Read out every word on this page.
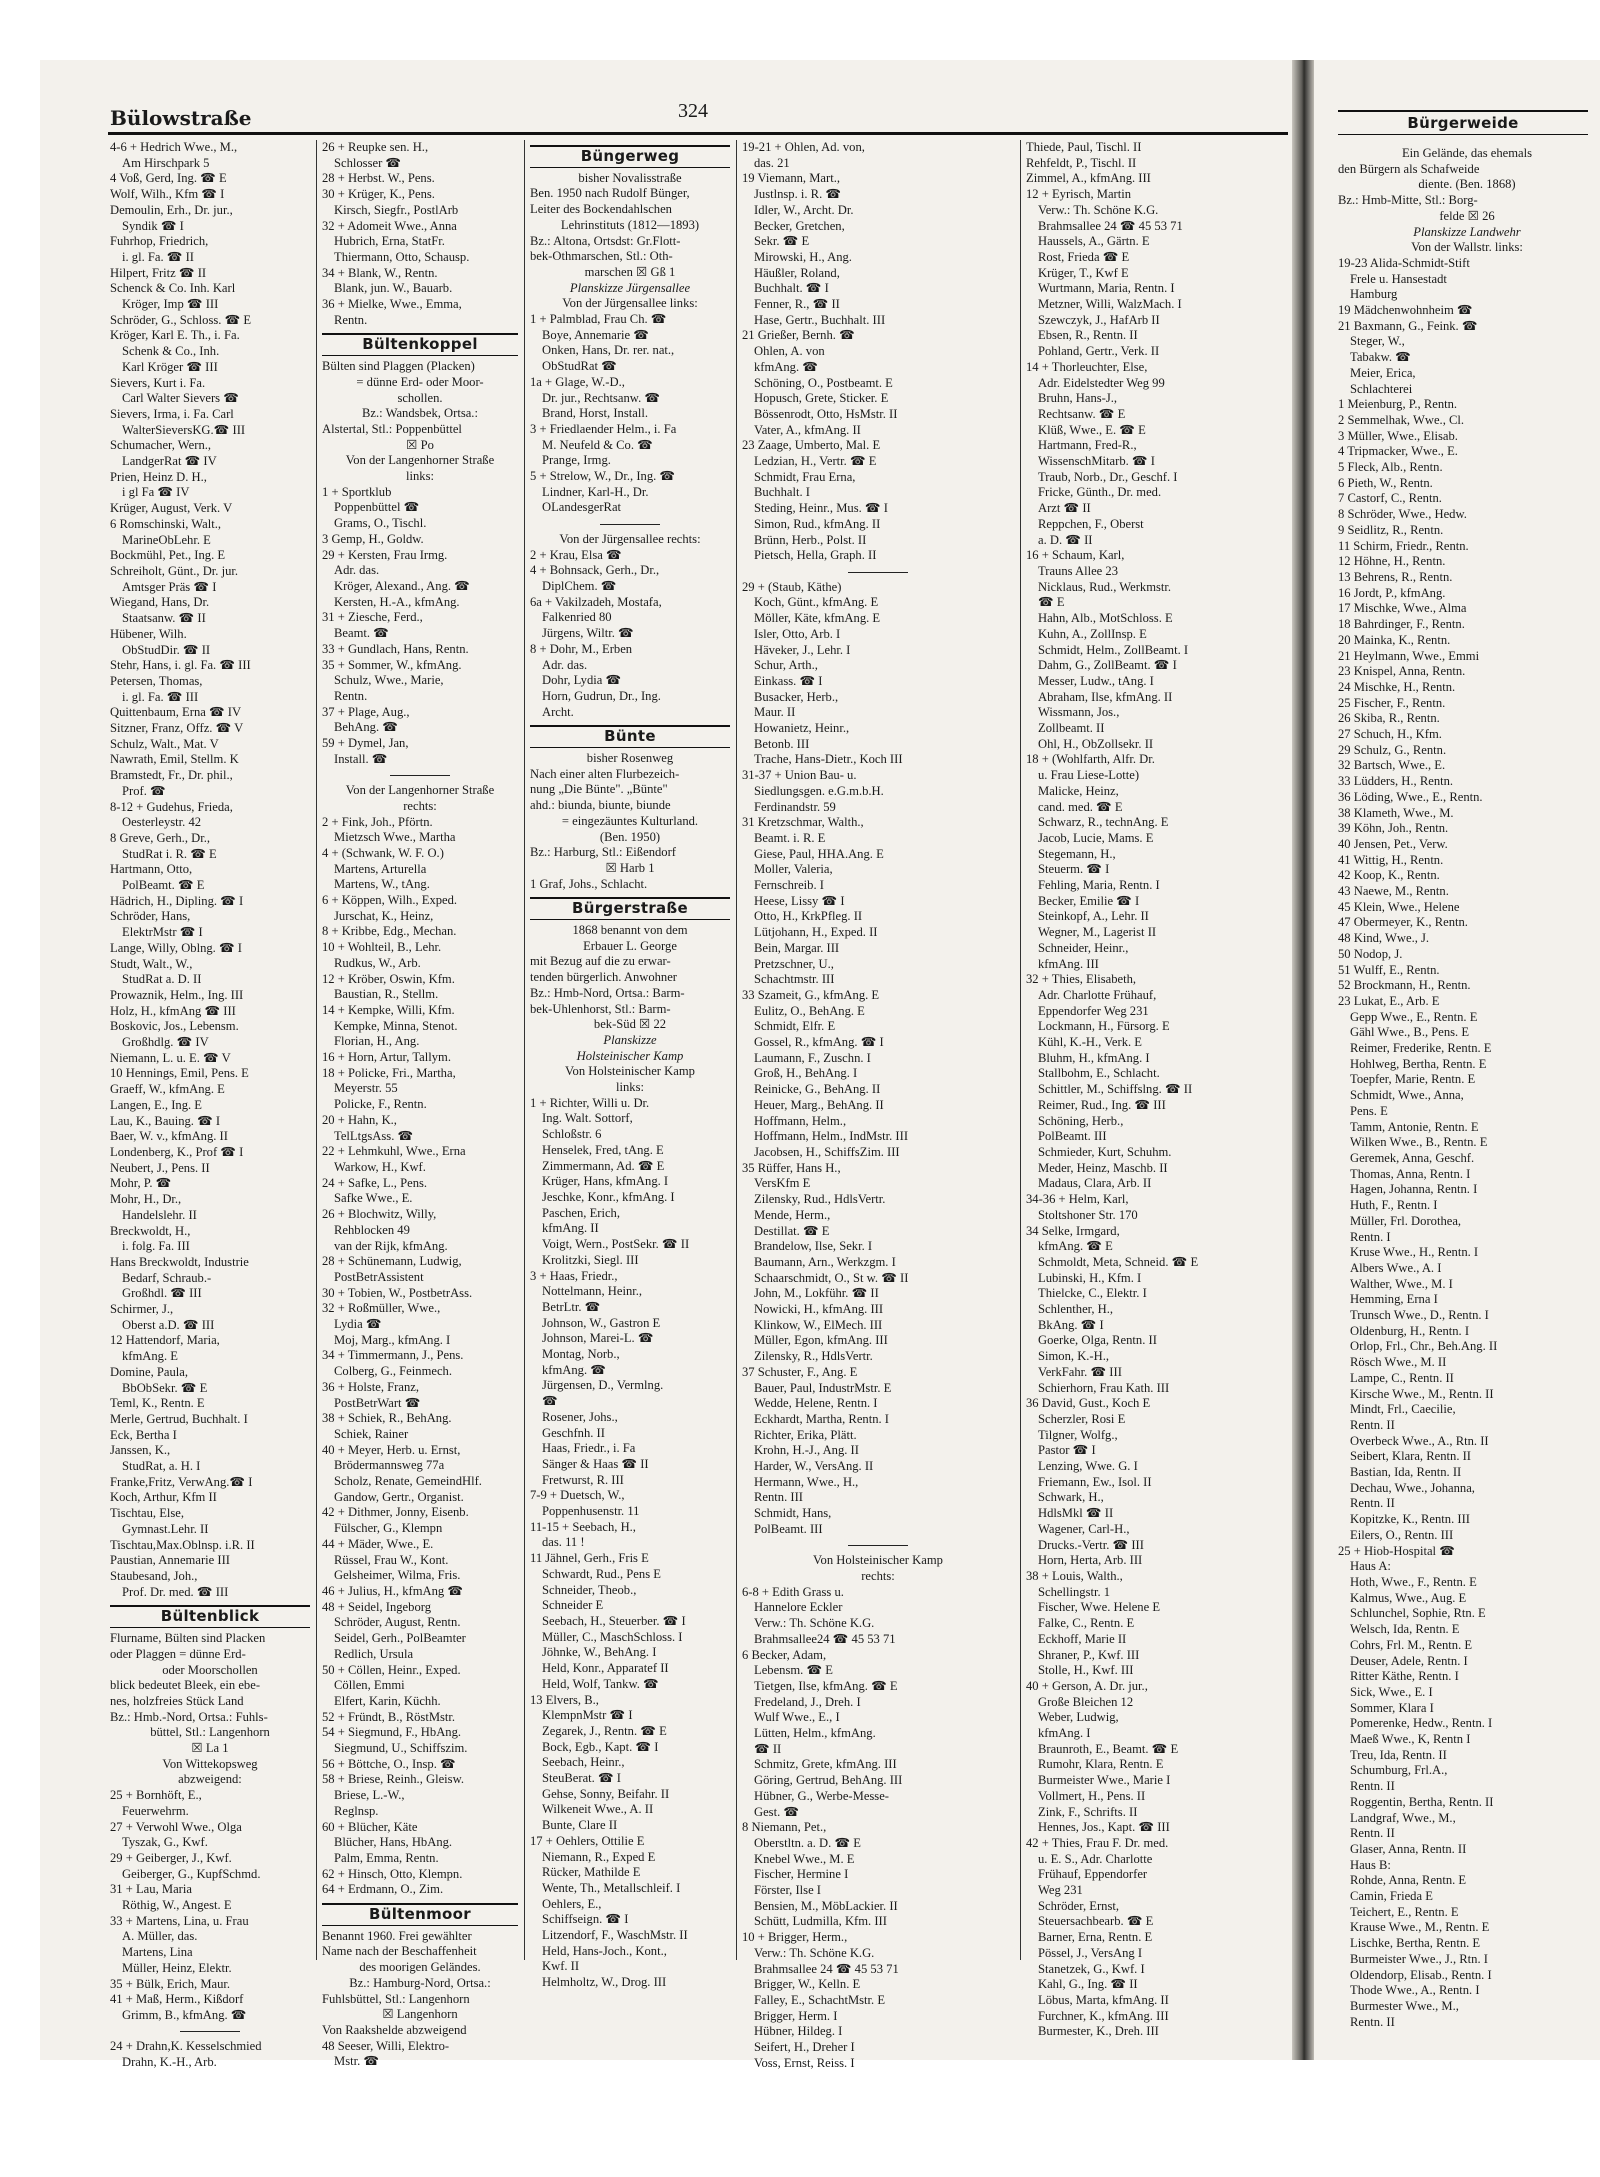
Bülowstraße	324
4-6 + Hedrich Wwe., M.,
Am Hirschpark 5
4 Voß, Gerd, Ing. ☎ E
Wolf, Wilh., Kfm ☎ I
Demoulin, Erh., Dr. jur.,
Syndik ☎ I
Fuhrhop, Friedrich,
i. gl. Fa. ☎ II
Hilpert, Fritz ☎ II
Schenck & Co. Inh. Karl
Kröger, Imp ☎ III
Schröder, G., Schloss. ☎ E
Kröger, Karl E. Th., i. Fa.
Schenk & Co., Inh.
Karl Kröger ☎ III
Sievers, Kurt i. Fa.
Carl Walter Sievers ☎
Sievers, Irma, i. Fa. Carl
WalterSieversKG.☎ III
Schumacher, Wern.,
LandgerRat ☎ IV
Prien, Heinz D. H.,
i gl Fa ☎ IV
Krüger, August, Verk. V
6 Romschinski, Walt.,
MarineObLehr. E
Bockmühl, Pet., Ing. E
Schreiholt, Günt., Dr. jur.
Amtsger Präs ☎ I
Wiegand, Hans, Dr.
Staatsanw. ☎ II
Hübener, Wilh.
ObStudDir. ☎ II
Stehr, Hans, i. gl. Fa. ☎ III
Petersen, Thomas,
i. gl. Fa. ☎ III
Quittenbaum, Erna ☎ IV
Sitzner, Franz, Offz. ☎ V
Schulz, Walt., Mat. V
Nawrath, Emil, Stellm. K
Bramstedt, Fr., Dr. phil.,
Prof. ☎
8-12 + Gudehus, Frieda,
Oesterleystr. 42
8 Greve, Gerh., Dr.,
StudRat i. R. ☎ E
Hartmann, Otto,
PolBeamt. ☎ E
Hädrich, H., Dipling. ☎ I
Schröder, Hans,
ElektrMstr ☎ I
Lange, Willy, Oblng. ☎ I
Studt, Walt., W.,
StudRat a. D. II
Prowaznik, Helm., Ing. III
Holz, H., kfmAng ☎ III
Boskovic, Jos., Lebensm.
Großhdlg. ☎ IV
Niemann, L. u. E. ☎ V
10 Hennings, Emil, Pens. E
Graeff, W., kfmAng. E
Langen, E., Ing. E
Lau, K., Bauing. ☎ I
Baer, W. v., kfmAng. II
Londenberg, K., Prof ☎ I
Neubert, J., Pens. II
Mohr, P. ☎
Mohr, H., Dr.,
Handelslehr. II
Breckwoldt, H.,
i. folg. Fa. III
Hans Breckwoldt, Industrie
Bedarf, Schraub.-
Großhdl. ☎ III
Schirmer, J.,
Oberst a.D. ☎ III
12 Hattendorf, Maria,
kfmAng. E
Domine, Paula,
BbObSekr. ☎ E
Teml, K., Rentn. E
Merle, Gertrud, Buchhalt. I
Eck, Bertha I
Janssen, K.,
StudRat, a. H. I
Franke,Fritz, VerwAng.☎ I
Koch, Arthur, Kfm II
Tischtau, Else,
Gymnast.Lehr. II
Tischtau,Max.Oblnsp. i.R. II
Paustian, Annemarie III
Staubesand, Joh.,
Prof. Dr. med. ☎ III
Bültenblick
Flurname, Bülten sind Placken
oder Plaggen = dünne Erd-
oder Moorschollen
blick bedeutet Bleek, ein ebe-
nes, holzfreies Stück Land
Bz.: Hmb.-Nord, Ortsa.: Fuhls-
büttel, Stl.: Langenhorn
☒ La 1
Von Wittekopsweg
abzweigend:
25 + Bornhöft, E.,
Feuerwehrm.
27 + Verwohl Wwe., Olga
Tyszak, G., Kwf.
29 + Geiberger, J., Kwf.
Geiberger, G., KupfSchmd.
31 + Lau, Maria
Röthig, W., Angest. E
33 + Martens, Lina, u. Frau
A. Müller, das.
Martens, Lina
Müller, Heinz, Elektr.
35 + Bülk, Erich, Maur.
41 + Maß, Herm., Kißdorf
Grimm, B., kfmAng. ☎
24 + Drahn,K. Kesselschmied
Drahn, K.-H., Arb.
26 + Reupke sen. H.,
Schlosser ☎
28 + Herbst. W., Pens.
30 + Krüger, K., Pens.
Kirsch, Siegfr., PostlArb
32 + Adomeit Wwe., Anna
Hubrich, Erna, StatFr.
Thiermann, Otto, Schausp.
34 + Blank, W., Rentn.
Blank, jun. W., Bauarb.
36 + Mielke, Wwe., Emma,
Rentn.
Bültenkoppel
Bülten sind Plaggen (Placken)
= dünne Erd- oder Moor-
schollen.
Bz.: Wandsbek, Ortsa.:
Alstertal, Stl.: Poppenbüttel
☒ Po
Von der Langenhorner Straße
links:
1 + Sportklub
Poppenbüttel ☎
Grams, O., Tischl.
3 Gemp, H., Goldw.
29 + Kersten, Frau Irmg.
Adr. das.
Kröger, Alexand., Ang. ☎
Kersten, H.-A., kfmAng.
31 + Ziesche, Ferd.,
Beamt. ☎
33 + Gundlach, Hans, Rentn.
35 + Sommer, W., kfmAng.
Schulz, Wwe., Marie,
Rentn.
37 + Plage, Aug.,
BehAng. ☎
59 + Dymel, Jan,
Install. ☎
Von der Langenhorner Straße
rechts:
2 + Fink, Joh., Pförtn.
Mietzsch Wwe., Martha
4 + (Schwank, W. F. O.)
Martens, Arturella
Martens, W., tAng.
6 + Köppen, Wilh., Exped.
Jurschat, K., Heinz,
8 + Kribbe, Edg., Mechan.
10 + Wohlteil, B., Lehr.
Rudkus, W., Arb.
12 + Kröber, Oswin, Kfm.
Baustian, R., Stellm.
14 + Kempke, Willi, Kfm.
Kempke, Minna, Stenot.
Florian, H., Ang.
16 + Horn, Artur, Tallym.
18 + Policke, Fri., Martha,
Meyerstr. 55
Policke, F., Rentn.
20 + Hahn, K.,
TelLtgsAss. ☎
22 + Lehmkuhl, Wwe., Erna
Warkow, H., Kwf.
24 + Safke, L., Pens.
Safke Wwe., E.
26 + Blochwitz, Willy,
Rehblocken 49
van der Rijk, kfmAng.
28 + Schünemann, Ludwig,
PostBetrAssistent
30 + Tobien, W., PostbetrAss.
32 + Roßmüller, Wwe.,
Lydia ☎
Moj, Marg., kfmAng. I
34 + Timmermann, J., Pens.
Colberg, G., Feinmech.
36 + Holste, Franz,
PostBetrWart ☎
38 + Schiek, R., BehAng.
Schiek, Rainer
40 + Meyer, Herb. u. Ernst,
Brödermannsweg 77a
Scholz, Renate, GemeindHlf.
Gandow, Gertr., Organist.
42 + Dithmer, Jonny, Eisenb.
Fülscher, G., Klempn
44 + Mäder, Wwe., E.
Rüssel, Frau W., Kont.
Gelsheimer, Wilma, Fris.
46 + Julius, H., kfmAng ☎
48 + Seidel, Ingeborg
Schröder, August, Rentn.
Seidel, Gerh., PolBeamter
Redlich, Ursula
50 + Cöllen, Heinr., Exped.
Cöllen, Emmi
Elfert, Karin, Küchh.
52 + Fründt, B., RöstMstr.
54 + Siegmund, F., HbAng.
Siegmund, U., Schiffszim.
56 + Böttche, O., Insp. ☎
58 + Briese, Reinh., Gleisw.
Briese, L.-W.,
Reglnsp.
60 + Blücher, Käte
Blücher, Hans, HbAng.
Palm, Emma, Rentn.
62 + Hinsch, Otto, Klempn.
64 + Erdmann, O., Zim.
Bültenmoor
Benannt 1960. Frei gewählter
Name nach der Beschaffenheit
des moorigen Geländes.
Bz.: Hamburg-Nord, Ortsa.:
Fuhlsbüttel, Stl.: Langenhorn
☒ Langenhorn
Von Raakshelde abzweigend
48 Seeser, Willi, Elektro-
Mstr. ☎
Büngerweg
bisher Novalisstraße
Ben. 1950 nach Rudolf Bünger,
Leiter des Bockendahlschen
Lehrinstituts (1812—1893)
Bz.: Altona, Ortsdst: Gr.Flott-
bek-Othmarschen, Stl.: Oth-
marschen ☒ Gß 1
Planskizze Jürgensallee
Von der Jürgensallee links:
1 + Palmblad, Frau Ch. ☎
Boye, Annemarie ☎
Onken, Hans, Dr. rer. nat.,
ObStudRat ☎
1a + Glage, W.-D.,
Dr. jur., Rechtsanw. ☎
Brand, Horst, Install.
3 + Friedlaender Helm., i. Fa
M. Neufeld & Co. ☎
Prange, Irmg.
5 + Strelow, W., Dr., Ing. ☎
Lindner, Karl-H., Dr.
OLandesgerRat
Von der Jürgensallee rechts:
2 + Krau, Elsa ☎
4 + Bohnsack, Gerh., Dr.,
DiplChem. ☎
6a + Vakilzadeh, Mostafa,
Falkenried 80
Jürgens, Wiltr. ☎
8 + Dohr, M., Erben
Adr. das.
Dohr, Lydia ☎
Horn, Gudrun, Dr., Ing.
Archt.
Bünte
bisher Rosenweg
Nach einer alten Flurbezeich-
nung „Die Bünte". „Bünte"
ahd.: biunda, biunte, biunde
= eingezäuntes Kulturland.
(Ben. 1950)
Bz.: Harburg, Stl.: Eißendorf
☒ Harb 1
1 Graf, Johs., Schlacht.
Bürgerstraße
1868 benannt von dem
Erbauer L. George
mit Bezug auf die zu erwar-
tenden bürgerlich. Anwohner
Bz.: Hmb-Nord, Ortsa.: Barm-
bek-Uhlenhorst, Stl.: Barm-
bek-Süd ☒ 22
Planskizze
Holsteinischer Kamp
Von Holsteinischer Kamp
links:
1 + Richter, Willi u. Dr.
Ing. Walt. Sottorf,
Schloßstr. 6
Henselek, Fred, tAng. E
Zimmermann, Ad. ☎ E
Krüger, Hans, kfmAng. I
Jeschke, Konr., kfmAng. I
Paschen, Erich,
kfmAng. II
Voigt, Wern., PostSekr. ☎ II
Krolitzki, Siegl. III
3 + Haas, Friedr.,
Nottelmann, Heinr.,
BetrLtr. ☎
Johnson, W., Gastron E
Johnson, Marei-L. ☎
Montag, Norb.,
kfmAng. ☎
Jürgensen, D., Vermlng.
☎
Rosener, Johs.,
Geschfnh. II
Haas, Friedr., i. Fa
Sänger & Haas ☎ II
Fretwurst, R. III
7-9 + Duetsch, W.,
Poppenhusenstr. 11
11-15 + Seebach, H.,
das. 11 !
11 Jähnel, Gerh., Fris E
Schwardt, Rud., Pens E
Schneider, Theob.,
Schneider E
Seebach, H., Steuerber. ☎ I
Müller, C., MaschSchloss. I
Jöhnke, W., BehAng. I
Held, Konr., Apparatef II
Held, Wolf, Tankw. ☎
13 Elvers, B.,
KlempnMstr ☎ I
Zegarek, J., Rentn. ☎ E
Bock, Egb., Kapt. ☎ I
Seebach, Heinr.,
SteuBerat. ☎ I
Gehse, Sonny, Beifahr. II
Wilkeneit Wwe., A. II
Bunte, Clare II
17 + Oehlers, Ottilie E
Niemann, R., Exped E
Rücker, Mathilde E
Wente, Th., Metallschleif. I
Oehlers, E.,
Schiffseign. ☎ I
Litzendorf, F., WaschMstr. II
Held, Hans-Joch., Kont.,
Kwf. II
Helmholtz, W., Drog. III
19-21 + Ohlen, Ad. von,
das. 21
19 Viemann, Mart.,
Justlnsp. i. R. ☎
Idler, W., Archt. Dr.
Becker, Gretchen,
Sekr. ☎ E
Mirowski, H., Ang.
Häußler, Roland,
Buchhalt. ☎ I
Fenner, R., ☎ II
Hase, Gertr., Buchhalt. III
21 Grießer, Bernh. ☎
Ohlen, A. von
kfmAng. ☎
Schöning, O., Postbeamt. E
Hopusch, Grete, Sticker. E
Bössenrodt, Otto, HsMstr. II
Vater, A., kfmAng. II
23 Zaage, Umberto, Mal. E
Ledzian, H., Vertr. ☎ E
Schmidt, Frau Erna,
Buchhalt. I
Steding, Heinr., Mus. ☎ I
Simon, Rud., kfmAng. II
Brünn, Herb., Polst. II
Pietsch, Hella, Graph. II
29 + (Staub, Käthe)
Koch, Günt., kfmAng. E
Möller, Käte, kfmAng. E
Isler, Otto, Arb. I
Häveker, J., Lehr. I
Schur, Arth.,
Einkass. ☎ I
Busacker, Herb.,
Maur. II
Howanietz, Heinr.,
Betonb. III
Trache, Hans-Dietr., Koch III
31-37 + Union Bau- u.
Siedlungsgen. e.G.m.b.H.
Ferdinandstr. 59
31 Kretzschmar, Walth.,
Beamt. i. R. E
Giese, Paul, HHA.Ang. E
Moller, Valeria,
Fernschreib. I
Heese, Lissy ☎ I
Otto, H., KrkPfleg. II
Lütjohann, H., Exped. II
Bein, Margar. III
Pretzschner, U.,
Schachtmstr. III
33 Szameit, G., kfmAng. E
Eulitz, O., BehAng. E
Schmidt, Elfr. E
Gossel, R., kfmAng. ☎ I
Laumann, F., Zuschn. I
Groß, H., BehAng. I
Reinicke, G., BehAng. II
Heuer, Marg., BehAng. II
Hoffmann, Helm.,
Hoffmann, Helm., IndMstr. III
Jacobsen, H., SchiffsZim. III
35 Rüffer, Hans H.,
VersKfm E
Zilensky, Rud., HdlsVertr.
Mende, Herm.,
Destillat. ☎ E
Brandelow, Ilse, Sekr. I
Baumann, Arn., Werkzgm. I
Schaarschmidt, O., St w. ☎ II
John, M., Lokführ. ☎ II
Nowicki, H., kfmAng. III
Klinkow, W., ElMech. III
Müller, Egon, kfmAng. III
Zilensky, R., HdlsVertr.
37 Schuster, F., Ang. E
Bauer, Paul, IndustrMstr. E
Wedde, Helene, Rentn. I
Eckhardt, Martha, Rentn. I
Richter, Erika, Plätt.
Krohn, H.-J., Ang. II
Harder, W., VersAng. II
Hermann, Wwe., H.,
Rentn. III
Schmidt, Hans,
PolBeamt. III
Von Holsteinischer Kamp
rechts:
6-8 + Edith Grass u.
Hannelore Eckler
Verw.: Th. Schöne K.G.
Brahmsallee24 ☎ 45 53 71
6 Becker, Adam,
Lebensm. ☎ E
Tietgen, Ilse, kfmAng. ☎ E
Fredeland, J., Dreh. I
Wulf Wwe., E., I
Lütten, Helm., kfmAng.
☎ II
Schmitz, Grete, kfmAng. III
Göring, Gertrud, BehAng. III
Hübner, G., Werbe-Messe-
Gest. ☎
8 Niemann, Pet.,
Oberstltn. a. D. ☎ E
Knebel Wwe., M. E
Fischer, Hermine I
Förster, Ilse I
Bensien, M., MöbLackier. II
Schütt, Ludmilla, Kfm. III
10 + Brigger, Herm.,
Verw.: Th. Schöne K.G.
Brahmsallee 24 ☎ 45 53 71
Brigger, W., Kelln. E
Falley, E., SchachtMstr. E
Brigger, Herm. I
Hübner, Hildeg. I
Seifert, H., Dreher I
Voss, Ernst, Reiss. I
Thiede, Paul, Tischl. II
Rehfeldt, P., Tischl. II
Zimmel, A., kfmAng. III
12 + Eyrisch, Martin
Verw.: Th. Schöne K.G.
Brahmsallee 24 ☎ 45 53 71
Haussels, A., Gärtn. E
Rost, Frieda ☎ E
Krüger, T., Kwf E
Wurtmann, Maria, Rentn. I
Metzner, Willi, WalzMach. I
Szewczyk, J., HafArb II
Ebsen, R., Rentn. II
Pohland, Gertr., Verk. II
14 + Thorleuchter, Else,
Adr. Eidelstedter Weg 99
Bruhn, Hans-J.,
Rechtsanw. ☎ E
Klüß, Wwe., E. ☎ E
Hartmann, Fred-R.,
WissenschMitarb. ☎ I
Traub, Norb., Dr., Geschf. I
Fricke, Günth., Dr. med.
Arzt ☎ II
Reppchen, F., Oberst
a. D. ☎ II
16 + Schaum, Karl,
Trauns Allee 23
Nicklaus, Rud., Werkmstr.
☎ E
Hahn, Alb., MotSchloss. E
Kuhn, A., ZollInsp. E
Schmidt, Helm., ZollBeamt. I
Dahm, G., ZollBeamt. ☎ I
Messer, Ludw., tAng. I
Abraham, Ilse, kfmAng. II
Wissmann, Jos.,
Zollbeamt. II
Ohl, H., ObZollsekr. II
18 + (Wohlfarth, Alfr. Dr.
u. Frau Liese-Lotte)
Malicke, Heinz,
cand. med. ☎ E
Schwarz, R., technAng. E
Jacob, Lucie, Mams. E
Stegemann, H.,
Steuerm. ☎ I
Fehling, Maria, Rentn. I
Becker, Emilie ☎ I
Steinkopf, A., Lehr. II
Wegner, M., Lagerist II
Schneider, Heinr.,
kfmAng. III
32 + Thies, Elisabeth,
Adr. Charlotte Frühauf,
Eppendorfer Weg 231
Lockmann, H., Fürsorg. E
Kühl, K.-H., Verk. E
Bluhm, H., kfmAng. I
Stallbohm, E., Schlacht.
Schittler, M., Schiffslng. ☎ II
Reimer, Rud., Ing. ☎ III
Schöning, Herb.,
PolBeamt. III
Schmieder, Kurt, Schuhm.
Meder, Heinz, Maschb. II
Madaus, Clara, Arb. II
34-36 + Helm, Karl,
Stoltshoner Str. 170
34 Selke, Irmgard,
kfmAng. ☎ E
Schmoldt, Meta, Schneid. ☎ E
Lubinski, H., Kfm. I
Thielcke, C., Elektr. I
Schlenther, H.,
BkAng. ☎ I
Goerke, Olga, Rentn. II
Simon, K.-H.,
VerkFahr. ☎ III
Schierhorn, Frau Kath. III
36 David, Gust., Koch E
Scherzler, Rosi E
Tilgner, Wolfg.,
Pastor ☎ I
Lenzing, Wwe. G. I
Friemann, Ew., Isol. II
Schwark, H.,
HdlsMkl ☎ II
Wagener, Carl-H.,
Drucks.-Vertr. ☎ III
Horn, Herta, Arb. III
38 + Louis, Walth.,
Schellingstr. 1
Fischer, Wwe. Helene E
Falke, C., Rentn. E
Eckhoff, Marie II
Shraner, P., Kwf. III
Stolle, H., Kwf. III
40 + Gerson, A. Dr. jur.,
Große Bleichen 12
Weber, Ludwig,
kfmAng. I
Braunroth, E., Beamt. ☎ E
Rumohr, Klara, Rentn. E
Burmeister Wwe., Marie I
Vollmert, H., Pens. II
Zink, F., Schrifts. II
Hennes, Jos., Kapt. ☎ III
42 + Thies, Frau F. Dr. med.
u. E. S., Adr. Charlotte
Frühauf, Eppendorfer
Weg 231
Schröder, Ernst,
Steuersachbearb. ☎ E
Barner, Erna, Rentn. E
Pössel, J., VersAng I
Stanetzek, G., Kwf. I
Kahl, G., Ing. ☎ II
Löbus, Marta, kfmAng. II
Furchner, K., kfmAng. III
Burmester, K., Dreh. III
Bürgerweide
Ein Gelände, das ehemals
den Bürgern als Schafweide
diente. (Ben. 1868)
Bz.: Hmb-Mitte, Stl.: Borg-
felde ☒ 26
Planskizze Landwehr
Von der Wallstr. links:
19-23 Alida-Schmidt-Stift
Frele u. Hansestadt
Hamburg
19 Mädchenwohnheim ☎
21 Baxmann, G., Feink. ☎
Steger, W.,
Tabakw. ☎
Meier, Erica,
Schlachterei
1 Meienburg, P., Rentn.
2 Semmelhak, Wwe., Cl.
3 Müller, Wwe., Elisab.
4 Tripmacker, Wwe., E.
5 Fleck, Alb., Rentn.
6 Pieth, W., Rentn.
7 Castorf, C., Rentn.
8 Schröder, Wwe., Hedw.
9 Seidlitz, R., Rentn.
11 Schirm, Friedr., Rentn.
12 Höhne, H., Rentn.
13 Behrens, R., Rentn.
16 Jordt, P., kfmAng.
17 Mischke, Wwe., Alma
18 Bahrdinger, F., Rentn.
20 Mainka, K., Rentn.
21 Heylmann, Wwe., Emmi
23 Knispel, Anna, Rentn.
24 Mischke, H., Rentn.
25 Fischer, F., Rentn.
26 Skiba, R., Rentn.
27 Schuch, H., Kfm.
29 Schulz, G., Rentn.
32 Bartsch, Wwe., E.
33 Lüdders, H., Rentn.
36 Löding, Wwe., E., Rentn.
38 Klameth, Wwe., M.
39 Köhn, Joh., Rentn.
40 Jensen, Pet., Verw.
41 Wittig, H., Rentn.
42 Koop, K., Rentn.
43 Naewe, M., Rentn.
45 Klein, Wwe., Helene
47 Obermeyer, K., Rentn.
48 Kind, Wwe., J.
50 Nodop, J.
51 Wulff, E., Rentn.
52 Brockmann, H., Rentn.
23 Lukat, E., Arb. E
Gepp Wwe., E., Rentn. E
Gähl Wwe., B., Pens. E
Reimer, Frederike, Rentn. E
Hohlweg, Bertha, Rentn. E
Toepfer, Marie, Rentn. E
Schmidt, Wwe., Anna,
Pens. E
Tamm, Antonie, Rentn. E
Wilken Wwe., B., Rentn. E
Geremek, Anna, Geschf.
Thomas, Anna, Rentn. I
Hagen, Johanna, Rentn. I
Huth, F., Rentn. I
Müller, Frl. Dorothea,
Rentn. I
Kruse Wwe., H., Rentn. I
Albers Wwe., A. I
Walther, Wwe., M. I
Hemming, Erna I
Trunsch Wwe., D., Rentn. I
Oldenburg, H., Rentn. I
Orlop, Frl., Chr., Beh.Ang. II
Rösch Wwe., M. II
Lampe, C., Rentn. II
Kirsche Wwe., M., Rentn. II
Mindt, Frl., Caecilie,
Rentn. II
Overbeck Wwe., A., Rtn. II
Seibert, Klara, Rentn. II
Bastian, Ida, Rentn. II
Dechau, Wwe., Johanna,
Rentn. II
Kopitzke, K., Rentn. III
Eilers, O., Rentn. III
25 + Hiob-Hospital ☎
Haus A:
Hoth, Wwe., F., Rentn. E
Kalmus, Wwe., Aug. E
Schlunchel, Sophie, Rtn. E
Welsch, Ida, Rentn. E
Cohrs, Frl. M., Rentn. E
Deuser, Adele, Rentn. I
Ritter Käthe, Rentn. I
Sick, Wwe., E. I
Sommer, Klara I
Pomerenke, Hedw., Rentn. I
Maeß Wwe., K, Rentn I
Treu, Ida, Rentn. II
Schumburg, Frl.A.,
Rentn. II
Roggentin, Bertha, Rentn. II
Landgraf, Wwe., M.,
Rentn. II
Glaser, Anna, Rentn. II
Haus B:
Rohde, Anna, Rentn. E
Camin, Frieda E
Teichert, E., Rentn. E
Krause Wwe., M., Rentn. E
Lischke, Bertha, Rentn. E
Burmeister Wwe., J., Rtn. I
Oldendorp, Elisab., Rentn. I
Thode Wwe., A., Rentn. I
Burmester Wwe., M.,
Rentn. II
